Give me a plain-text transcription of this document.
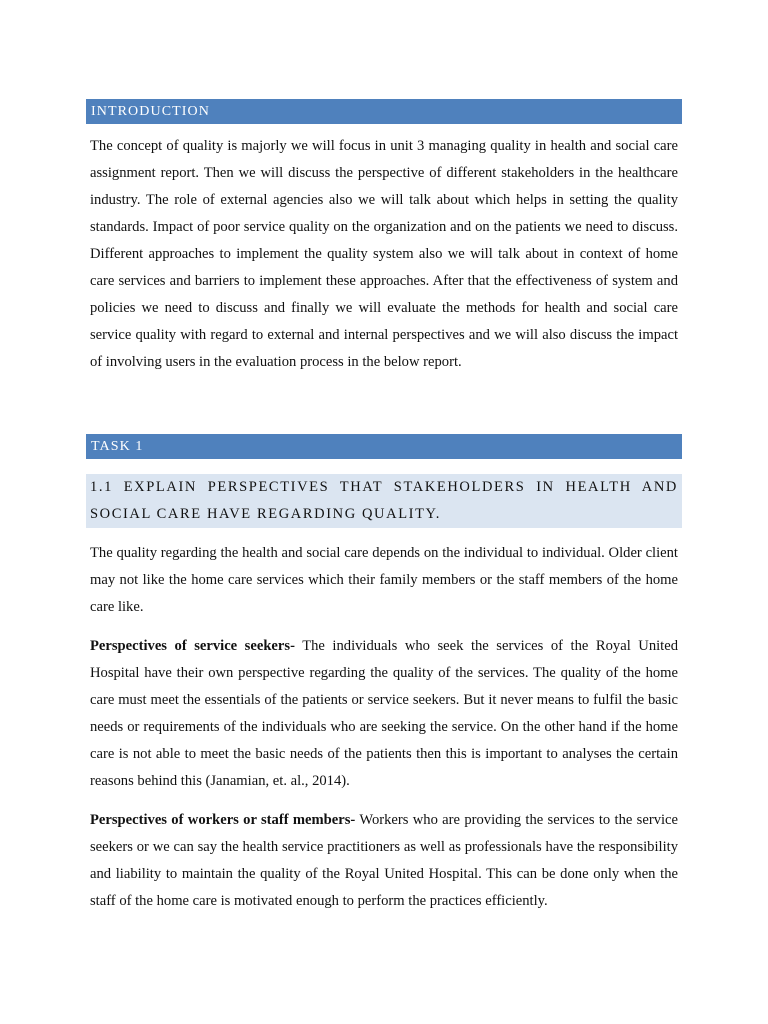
INTRODUCTION

The concept of quality is majorly we will focus in unit 3 managing quality in health and social care assignment report. Then we will discuss the perspective of different stakeholders in the healthcare industry. The role of external agencies also we will talk about which helps in setting the quality standards. Impact of poor service quality on the organization and on the patients we need to discuss. Different approaches to implement the quality system also we will talk about in context of home care services and barriers to implement these approaches. After that the effectiveness of system and policies we need to discuss and finally we will evaluate the methods for health and social care service quality with regard to external and internal perspectives and we will also discuss the impact of involving users in the evaluation process in the below report.

TASK 1
1.1 EXPLAIN PERSPECTIVES THAT STAKEHOLDERS IN HEALTH AND SOCIAL CARE HAVE REGARDING QUALITY.

The quality regarding the health and social care depends on the individual to individual. Older client may not like the home care services which their family members or the staff members of the home care like.

Perspectives of service seekers- The individuals who seek the services of the Royal United Hospital have their own perspective regarding the quality of the services. The quality of the home care must meet the essentials of the patients or service seekers. But it never means to fulfil the basic needs or requirements of the individuals who are seeking the service. On the other hand if the home care is not able to meet the basic needs of the patients then this is important to analyses the certain reasons behind this (Janamian, et. al., 2014).

Perspectives of workers or staff members- Workers who are providing the services to the service seekers or we can say the health service practitioners as well as professionals have the responsibility and liability to maintain the quality of the Royal United Hospital. This can be done only when the staff of the home care is motivated enough to perform the practices efficiently.
